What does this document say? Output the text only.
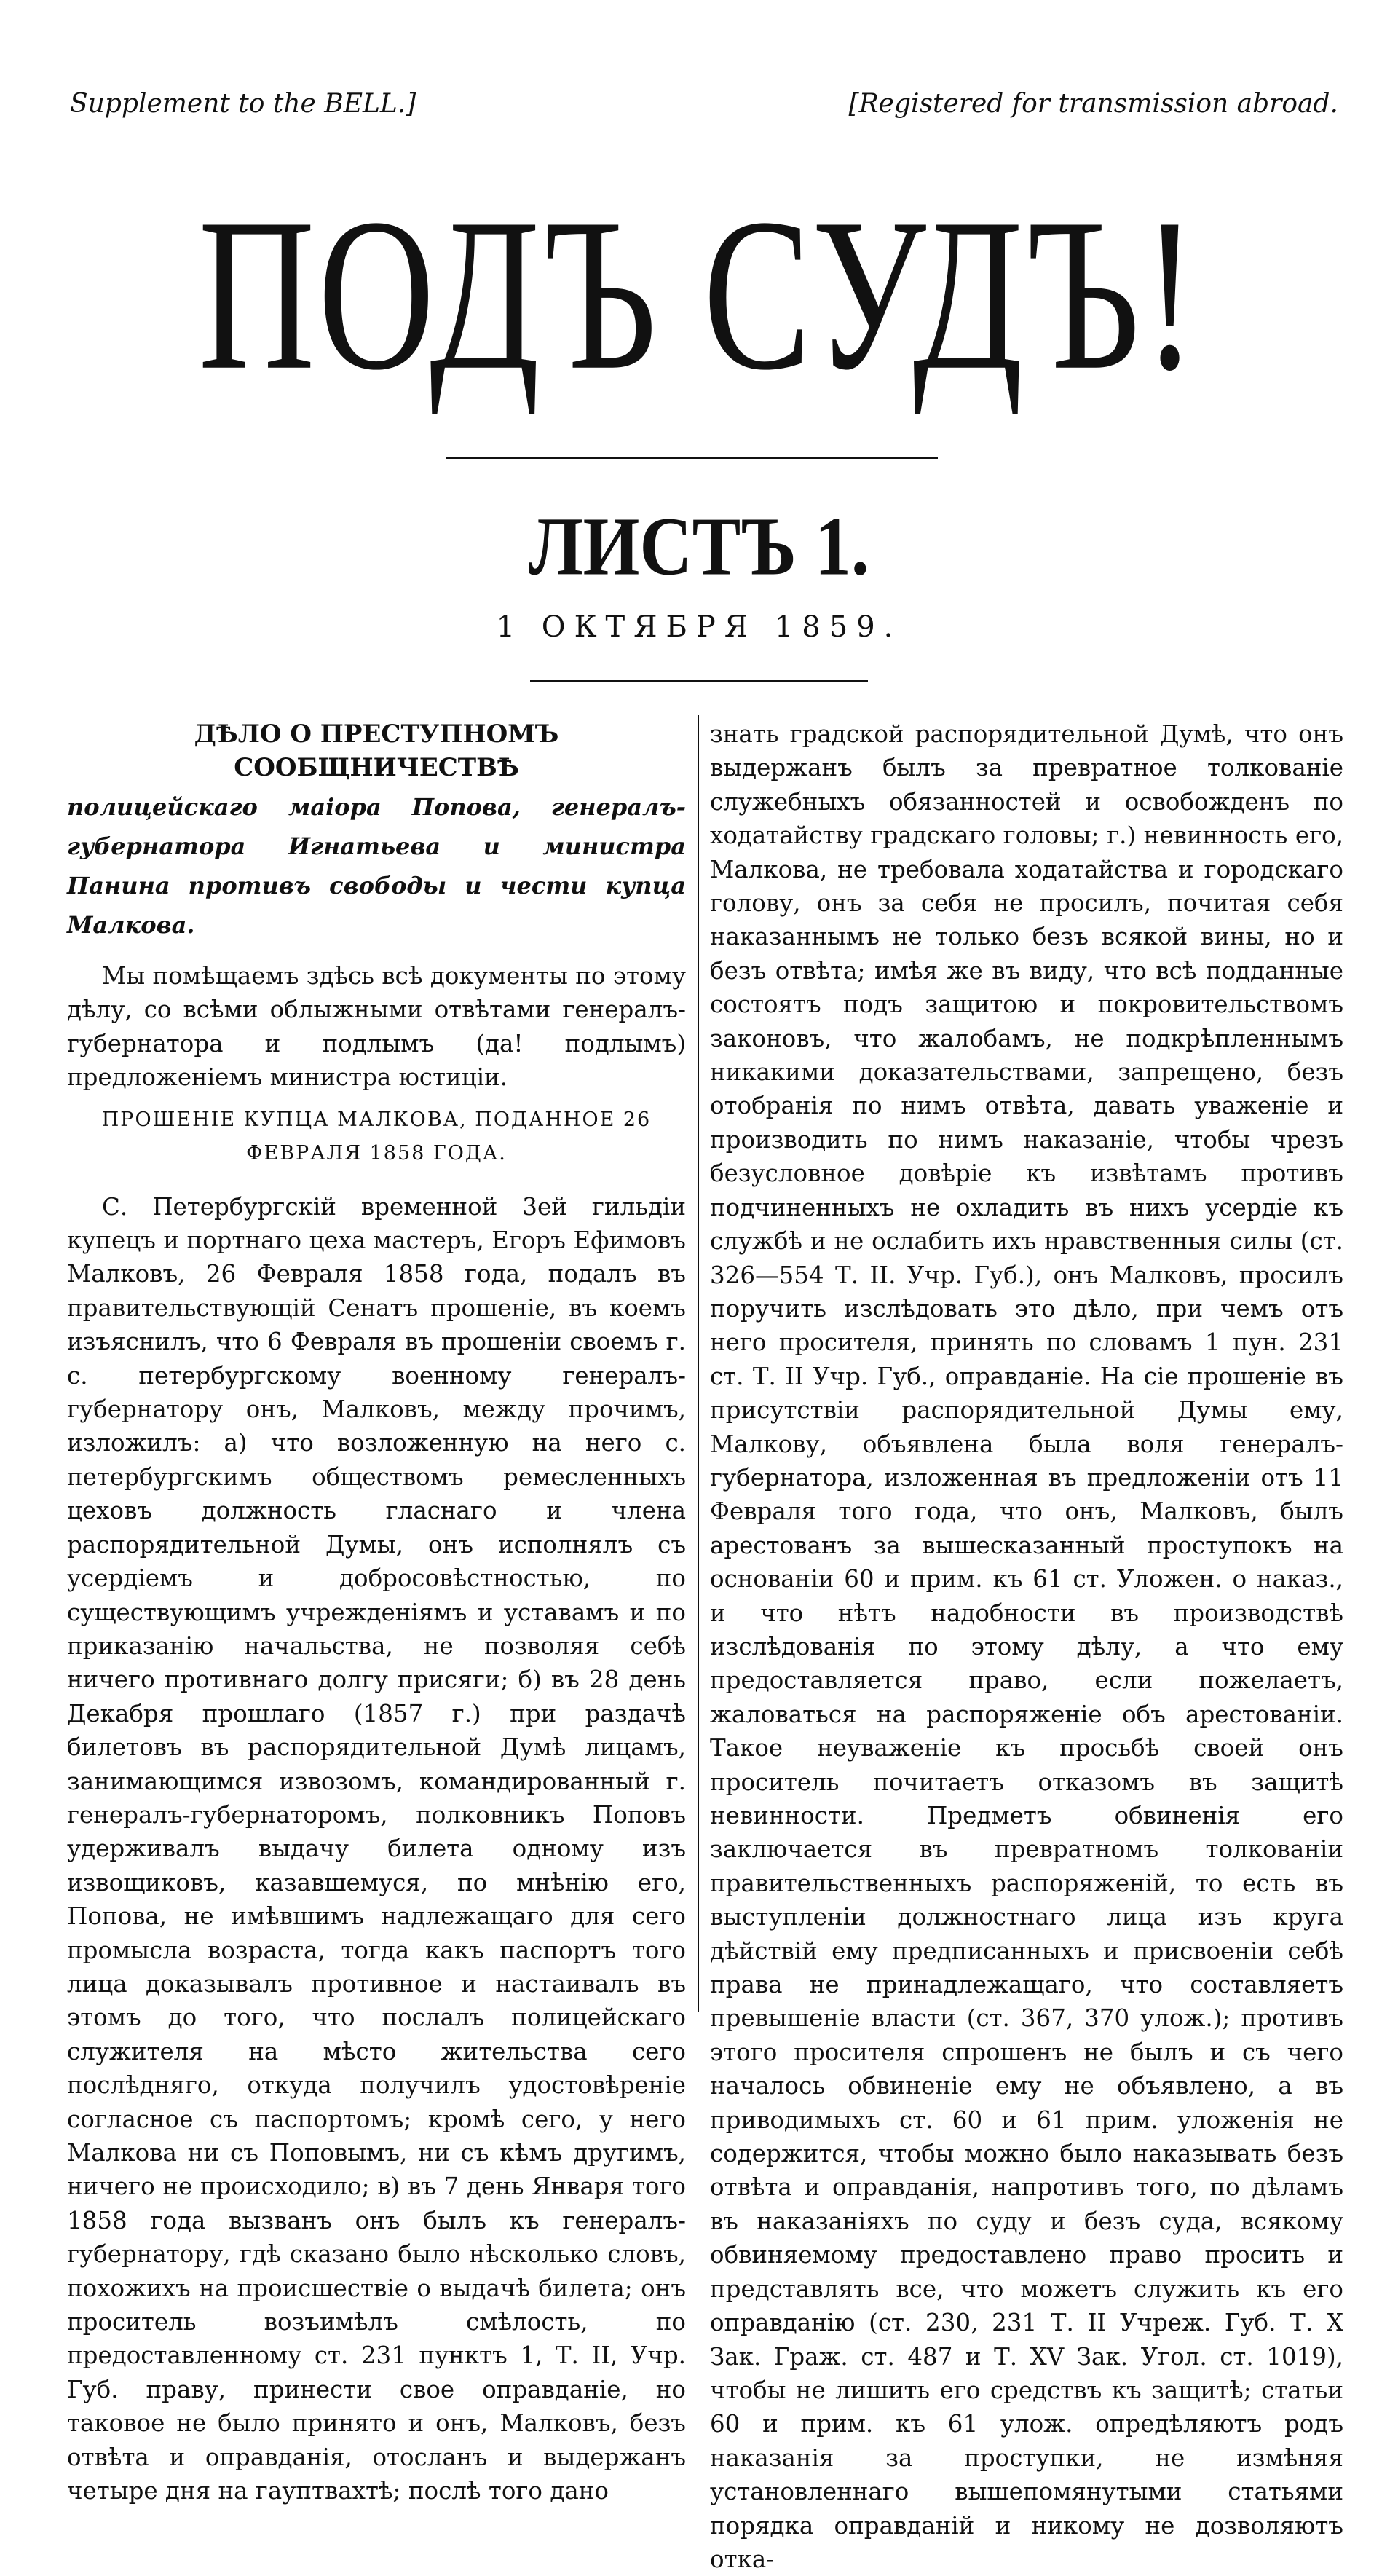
Supplement to the BELL.]	[Registered for transmission abroad.
ПОДЪ СУДЪ!
ЛИСТЪ 1.
1 ОКТЯБРЯ 1859.
ДѢЛО О ПРЕСТУПНОМЪ СООБЩНИЧЕСТВѢ

полицейскаго маіора Попова, генералъ-губернатора Игнатьева и министра Панина противъ свободы и чести купца Малкова.

Мы помѣщаемъ здѣсь всѣ документы по этому дѣлу, со всѣми облыжными отвѣтами генералъ-губернатора и подлымъ (да! подлымъ) предложеніемъ министра юстиціи.

ПРОШЕНІЕ КУПЦА МАЛКОВА, ПОДАННОЕ 26 ФЕВРАЛЯ 1858 ГОДА.

С. Петербургскій временной 3ей гильдіи купецъ и портнаго цеха мастеръ, Егоръ Ефимовъ Малковъ, 26 Февраля 1858 года, подалъ въ правительствующій Сенатъ прошеніе, въ коемъ изъяснилъ, что 6 Февраля въ прошеніи своемъ г. с. петербургскому военному генералъ-губернатору онъ, Малковъ, между прочимъ, изложилъ: а) что возложенную на него с. петербургскимъ обществомъ ремесленныхъ цеховъ должность гласнаго и члена распорядительной Думы, онъ исполнялъ съ усердіемъ и добросовѣстностью, по существующимъ учрежденіямъ и уставамъ и по приказанію начальства, не позволяя себѣ ничего противнаго долгу присяги; б) въ 28 день Декабря прошлаго (1857 г.) при раздачѣ билетовъ въ распорядительной Думѣ лицамъ, занимающимся извозомъ, командированный г. генералъ-губернаторомъ, полковникъ Поповъ удерживалъ выдачу билета одному изъ извощиковъ, казавшемуся, по мнѣнію его, Попова, не имѣвшимъ надлежащаго для сего промысла возраста, тогда какъ паспортъ того лица доказывалъ противное и настаивалъ въ этомъ до того, что послалъ полицейскаго служителя на мѣсто жительства сего послѣдняго, откуда получилъ удостовѣреніе согласное съ паспортомъ; кромѣ сего, у него Малкова ни съ Поповымъ, ни съ кѣмъ другимъ, ничего не происходило; в) въ 7 день Января того 1858 года вызванъ онъ былъ къ генералъ-губернатору, гдѣ сказано было нѣсколько словъ, похожихъ на происшествіе о выдачѣ билета; онъ проситель возъимѣлъ смѣлость, по предоставленному ст. 231 пунктъ 1, Т. II, Учр. Губ. праву, принести свое оправданіе, но таковое не было принято и онъ, Малковъ, безъ отвѣта и оправданія, отосланъ и выдержанъ четыре дня на гауптвахтѣ; послѣ того дано

знать градской распорядительной Думѣ, что онъ выдержанъ былъ за превратное толкованіе служебныхъ обязанностей и освобожденъ по ходатайству градскаго головы; г.) невинность его, Малкова, не требовала ходатайства и городскаго голову, онъ за себя не просилъ, почитая себя наказаннымъ не только безъ всякой вины, но и безъ отвѣта; имѣя же въ виду, что всѣ подданные состоятъ подъ защитою и покровительствомъ законовъ, что жалобамъ, не подкрѣпленнымъ никакими доказательствами, запрещено, безъ отобранія по нимъ отвѣта, давать уваженіе и производить по нимъ наказаніе, чтобы чрезъ безусловное довѣріе къ извѣтамъ противъ подчиненныхъ не охладить въ нихъ усердіе къ службѣ и не ослабить ихъ нравственныя силы (ст. 326—554 Т. II. Учр. Губ.), онъ Малковъ, просилъ поручить изслѣдовать это дѣло, при чемъ отъ него просителя, принять по словамъ 1 пун. 231 ст. Т. II Учр. Губ., оправданіе. На сіе прошеніе въ присутствіи распорядительной Думы ему, Малкову, объявлена была воля генералъ-губернатора, изложенная въ предложеніи отъ 11 Февраля того года, что онъ, Малковъ, былъ арестованъ за вышесказанный проступокъ на основаніи 60 и прим. къ 61 ст. Уложен. о наказ., и что нѣтъ надобности въ производствѣ изслѣдованія по этому дѣлу, а что ему предоставляется право, если пожелаетъ, жаловаться на распоряженіе объ арестованіи. Такое неуваженіе къ просьбѣ своей онъ проситель почитаетъ отказомъ въ защитѣ невинности. Предметъ обвиненія его заключается въ превратномъ толкованіи правительственныхъ распоряженій, то есть въ выступленіи должностнаго лица изъ круга дѣйствій ему предписанныхъ и присвоеніи себѣ права не принадлежащаго, что составляетъ превышеніе власти (ст. 367, 370 улож.); противъ этого просителя спрошенъ не былъ и съ чего началось обвиненіе ему не объявлено, а въ приводимыхъ ст. 60 и 61 прим. уложенія не содержится, чтобы можно было наказывать безъ отвѣта и оправданія, напротивъ того, по дѣламъ въ наказаніяхъ по суду и безъ суда, всякому обвиняемому предоставлено право просить и представлять все, что можетъ служить къ его оправданію (ст. 230, 231 Т. II Учреж. Губ. Т. X Зак. Граж. ст. 487 и Т. XV Зак. Угол. ст. 1019), чтобы не лишить его средствъ къ защитѣ; статьи 60 и прим. къ 61 улож. опредѣляютъ родъ наказанія за проступки, не измѣняя установленнаго вышепомянутыми статьями порядка оправданій и никому не дозволяютъ отка-
